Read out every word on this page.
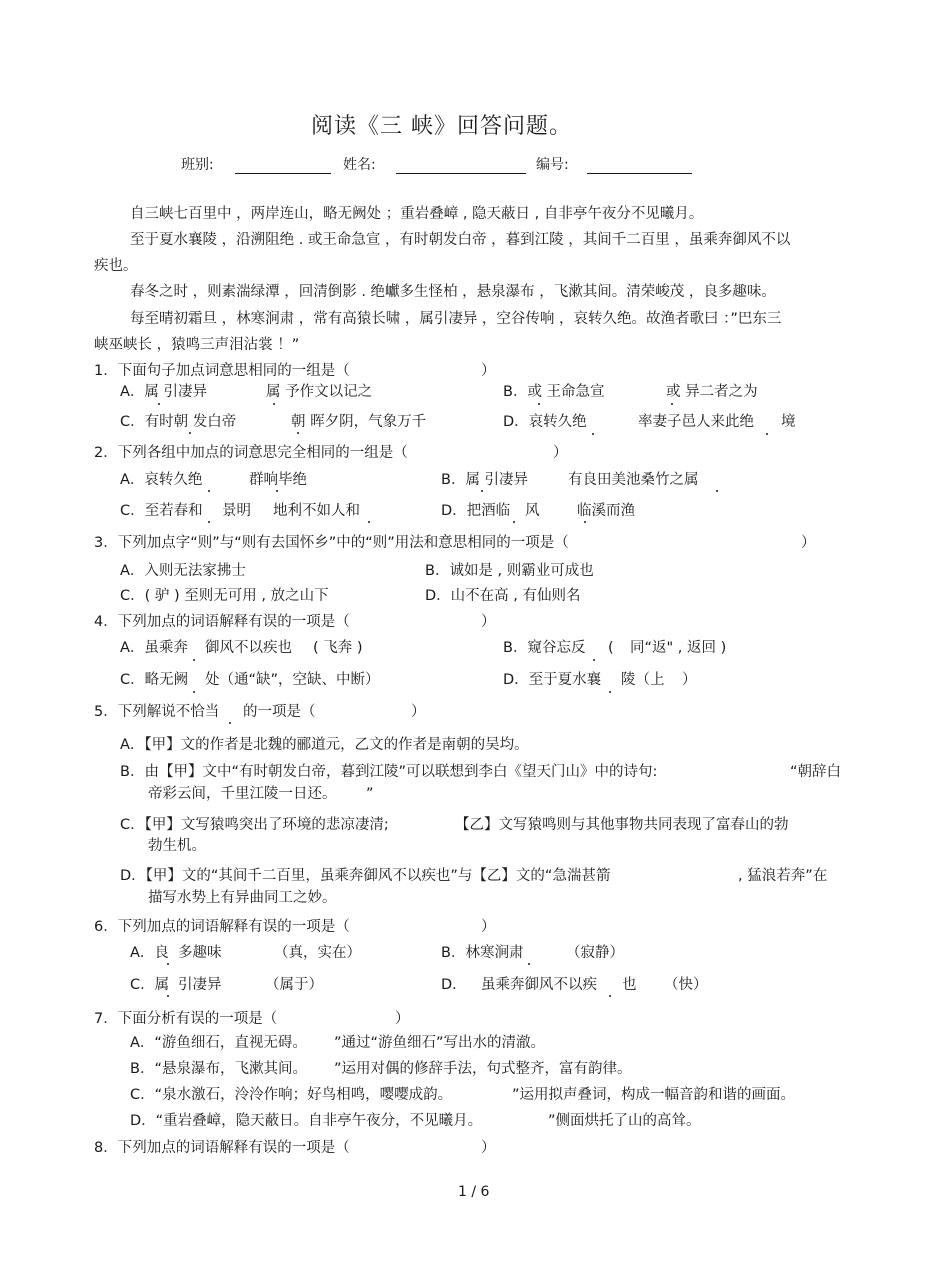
阅读《三 峡》回答问题。
班别:	姓名:	编号:
自三峡七百里中 ，两岸连山，略无阙处 ；重岩叠嶂 , 隐天蔽日 , 自非亭午夜分不见曦月。
至于夏水襄陵 ，沿溯阻绝 . 或王命急宣 ，有时朝发白帝 ，暮到江陵 ，其间千二百里 ，虽乘奔御风不以
疾也。
春冬之时 ，则素湍绿潭 ，回清倒影 . 绝巘多生怪柏 ，悬泉瀑布 ，飞漱其间。清荣峻茂 ，良多趣味。
每至晴初霜旦 ，林寒涧肃 ，常有高猿长啸 ，属引凄异 ，空谷传响 ，哀转久绝。故渔者歌曰 ：”巴东三
峡巫峡长 ，猿鸣三声泪沾裳 ！”
1．下面句子加点词意思相同的一组是（	）
A．属 引凄异	属 予作文以记之	B．或 王命急宣	或 异二者之为
C．有时朝 发白帝	朝 晖夕阴，气象万千	D．哀转久绝	率妻子邑人来此绝 境
2．下列各组中加点的词意思完全相同的一组是（	）
A．哀转久绝	群响毕绝	B．属 引凄异	有良田美池桑竹之属
C．至若春和 景明 地利不如人和	D．把酒临 风	临溪而渔
3．下列加点字“则”与“则有去国怀乡”中的“则”用法和意思相同的一项是（	）
A．入则无法家拂士	B．诚如是 , 则霸业可成也
C．( 驴 ) 至则无可用 , 放之山下	D．山不在高 , 有仙则名
4．下列加点的词语解释有误的一项是（	）
A．虽乘奔 御风不以疾也 ( 飞奔 )	B．窥谷忘反 ( 同“返" , 返回 )
C．略无阙 处（通“缺”，空缺、中断）	D．至于夏水襄 陵（上 ）
5．下列解说不恰当 的一项是（	）
A．【甲】文的作者是北魏的郦道元，乙文的作者是南朝的吴均。
B．由【甲】文中“有时朝发白帝，暮到江陵”可以联想到李白《望天门山》中的诗句:	“朝辞白
帝彩云间，千里江陵一日还。 ”
C．【甲】文写猿鸣突出了环境的悲凉凄清;	【乙】文写猿鸣则与其他事物共同表现了富春山的勃
勃生机。
D．【甲】文的“其间千二百里，虽乘奔御风不以疾也”与【乙】文的“急湍甚箭	, 猛浪若奔”在
描写水势上有异曲同工之妙。
6．下列加点的词语解释有误的一项是（	）
A．良 多趣味	（真，实在）	B．林寒涧肃	（寂静）
C．属 引凄异	（属于）	D． 虽乘奔御风不以疾 也 （快）
7．下面分析有误的一项是（	）
A．“游鱼细石，直视无碍。 ”通过“游鱼细石”写出水的清澈。
B．“悬泉瀑布，飞漱其间。 ”运用对偶的修辞手法，句式整齐，富有韵律。
C．“泉水激石，泠泠作响；好鸟相鸣，嘤嘤成韵。	”运用拟声叠词，构成一幅音韵和谐的画面。
D．“重岩叠嶂，隐天蔽日。自非亭午夜分，不见曦月。	”侧面烘托了山的高耸。
8．下列加点的词语解释有误的一项是（	）
1 / 6
